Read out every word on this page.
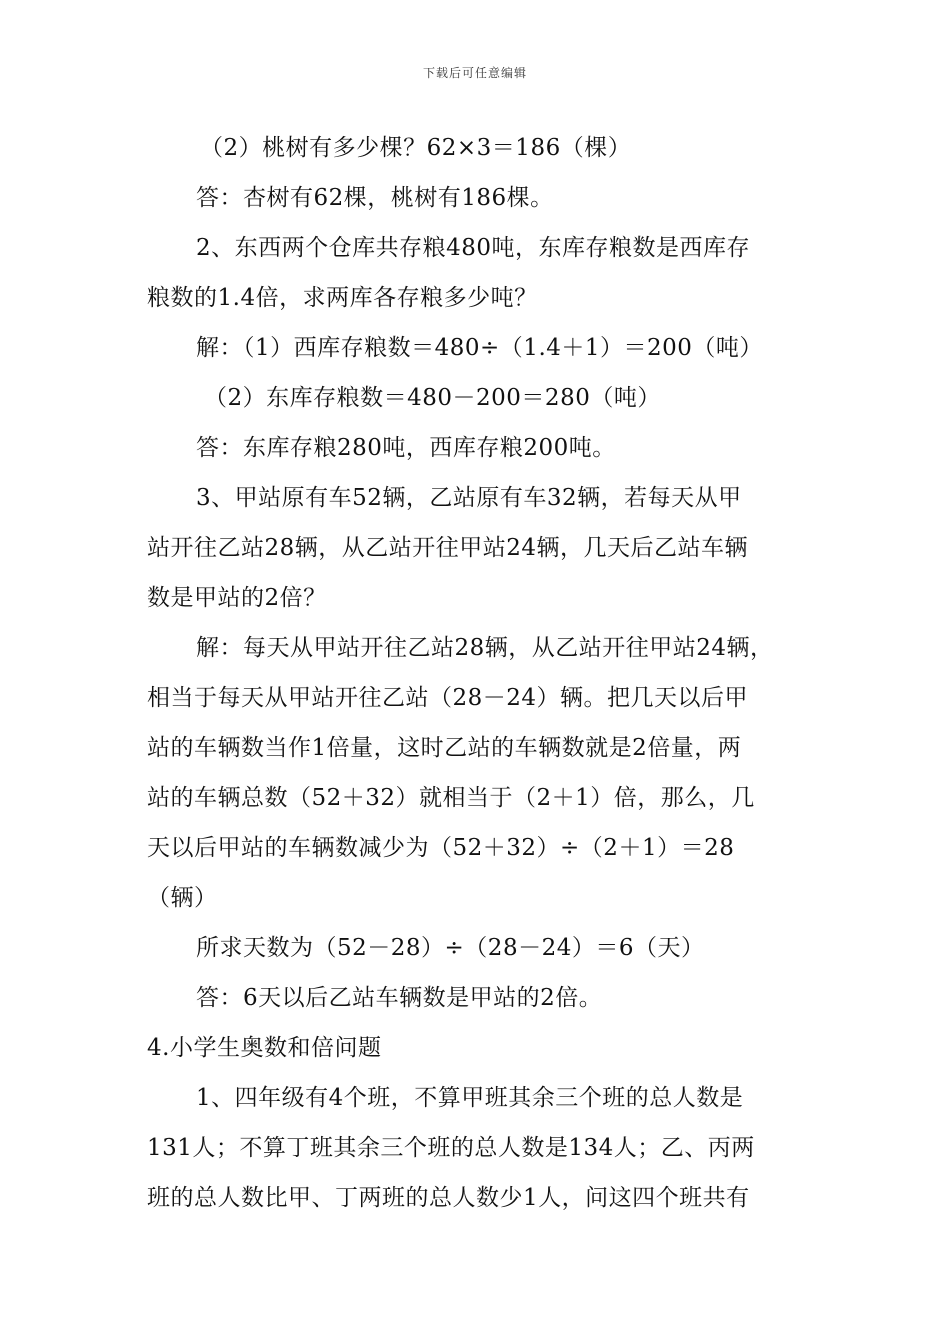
下载后可任意编辑
（2）桃树有多少棵？62×3＝186（棵）
答：杏树有62棵，桃树有186棵。
2、东西两个仓库共存粮480吨，东库存粮数是西库存
粮数的1.4倍，求两库各存粮多少吨？
解：（1）西库存粮数＝480÷（1.4＋1）＝200（吨）
（2）东库存粮数＝480－200＝280（吨）
答：东库存粮280吨，西库存粮200吨。
3、甲站原有车52辆，乙站原有车32辆，若每天从甲
站开往乙站28辆，从乙站开往甲站24辆，几天后乙站车辆
数是甲站的2倍？
解：每天从甲站开往乙站28辆，从乙站开往甲站24辆，
相当于每天从甲站开往乙站（28－24）辆。把几天以后甲
站的车辆数当作1倍量，这时乙站的车辆数就是2倍量，两
站的车辆总数（52＋32）就相当于（2＋1）倍，那么，几
天以后甲站的车辆数减少为（52＋32）÷（2＋1）＝28
（辆）
所求天数为（52－28）÷（28－24）＝6（天）
答：6天以后乙站车辆数是甲站的2倍。
4.小学生奥数和倍问题
1、四年级有4个班，不算甲班其余三个班的总人数是
131人；不算丁班其余三个班的总人数是134人；乙、丙两
班的总人数比甲、丁两班的总人数少1人，问这四个班共有
